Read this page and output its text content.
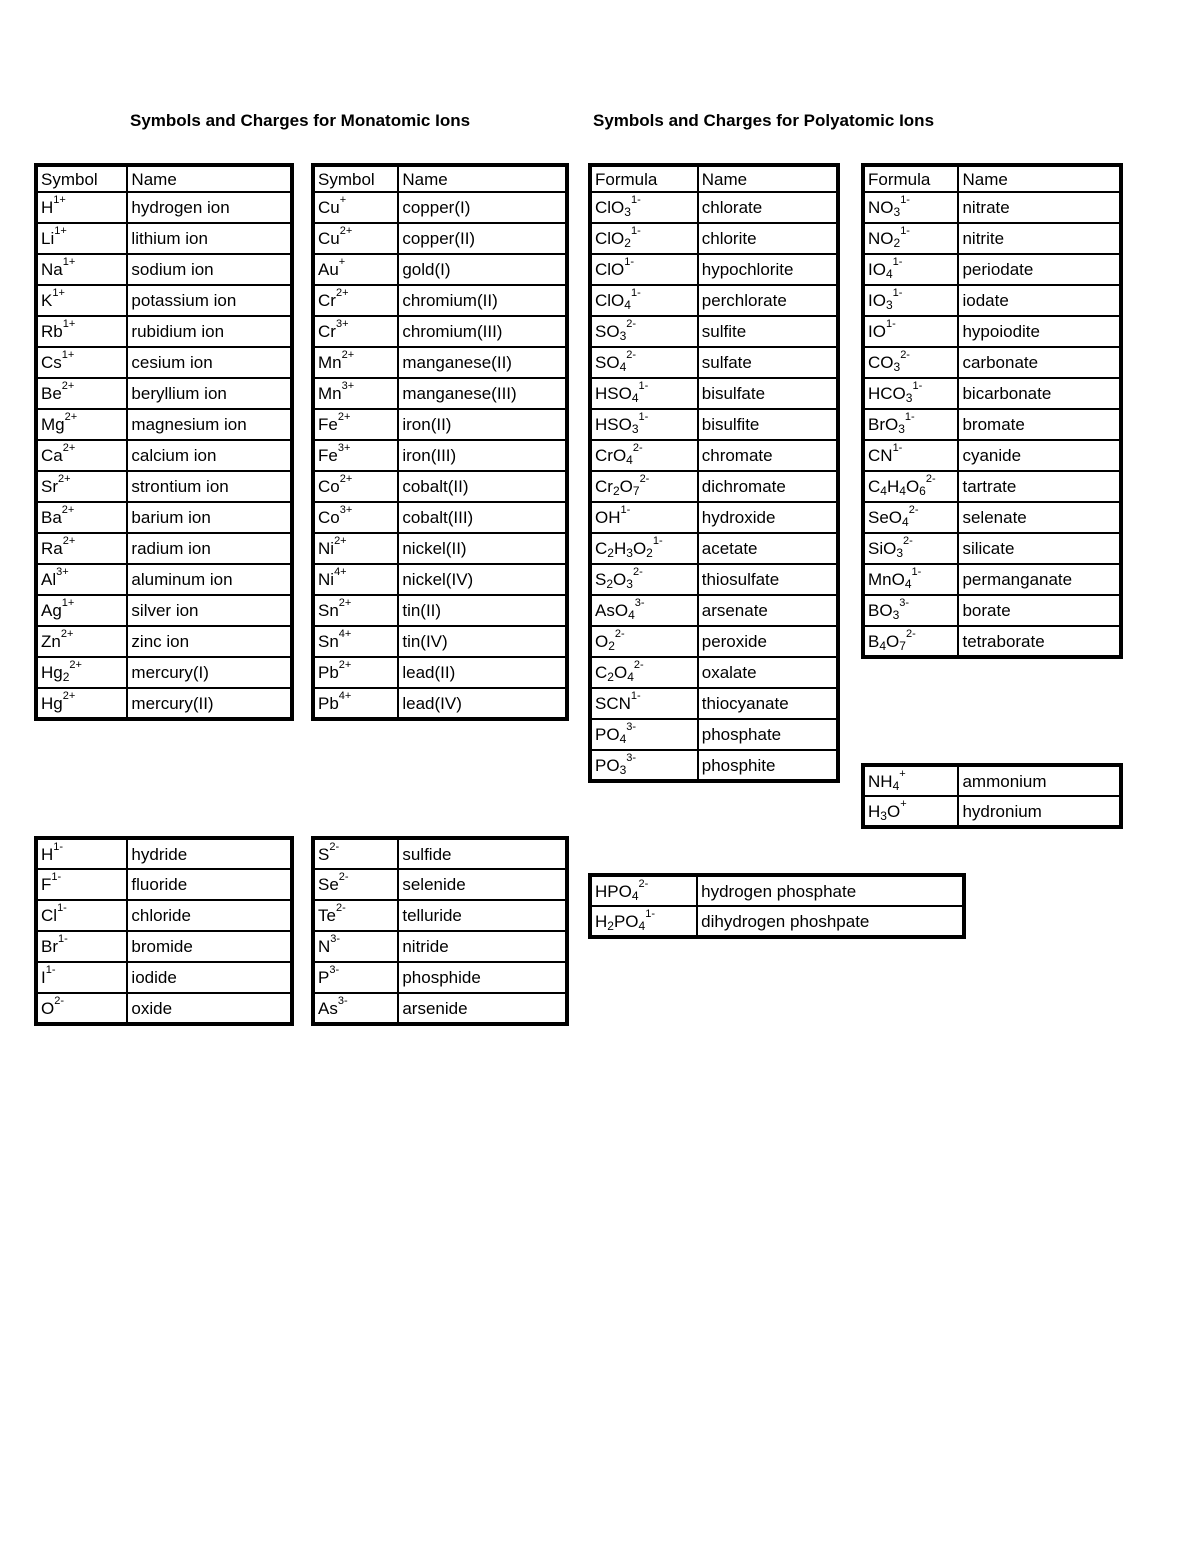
Symbols and Charges for Monatomic Ions	Symbols and Charges for Polyatomic Ions
Symbol	Name
$H^{1+}$	hydrogen ion
$Li^{1+}$	lithium ion
$Na^{1+}$	sodium ion
$K^{1+}$	potassium ion
$Rb^{1+}$	rubidium ion
$Cs^{1+}$	cesium ion
$Be^{2+}$	beryllium ion
$Mg^{2+}$	magnesium ion
$Ca^{2+}$	calcium ion
$Sr^{2+}$	strontium ion
$Ba^{2+}$	barium ion
$Ra^{2+}$	radium ion
$Al^{3+}$	aluminum ion
$Ag^{1+}$	silver ion
$Zn^{2+}$	zinc ion
$Hg_2^{2+}$	mercury(I)
$Hg^{2+}$	mercury(II)
Symbol	Name
Cu+	copper(I)
$Cu^{2+}$	copper(II)
Au+	gold(I)
$Cr^{2+}$	chromium(II)
$Cr^{3+}$	chromium(III)
$Mn^{2+}$	manganese(II)
$Mn^{3+}$	manganese(III)
$Fe^{2+}$	iron(II)
$Fe^{3+}$	iron(III)
$Co^{2+}$	cobalt(II)
$Co^{3+}$	cobalt(III)
$Ni^{2+}$	nickel(II)
$Ni^{4+}$	nickel(IV)
$Sn^{2+}$	tin(II)
$Sn^{4+}$	tin(IV)
$Pb^{2+}$	lead(II)
$Pb^{4+}$	lead(IV)
$H^{1-}$	hydride
$F^{1-}$	fluoride
$Cl^{1-}$	chloride
$Br^{1-}$	bromide
$I^{1-}$	iodide
$O^{2-}$	oxide
$S^{2-}$	sulfide
$Se^{2-}$	selenide
$Te^{2-}$	telluride
$N^{3-}$	nitride
$P^{3-}$	phosphide
$As^{3-}$	arsenide
Formula	Name
ClO$_3^{1-}$	chlorate
ClO$_2^{1-}$	chlorite
ClO$^{1-}$	hypochlorite
ClO$_4^{1-}$	perchlorate
$SO_3^{2-}$	sulfite
$SO_4^{2-}$	sulfate
$HSO_4^{1-}$	bisulfate
$HSO_3^{1-}$	bisulfite
CrO$_4^{2-}$	chromate
$Cr_2O_7^{2-}$	dichromate
$OH^{1-}$	hydroxide
$C_2H_3O_2^{1-}$	acetate
$S_2O_3^{2-}$	thiosulfate
AsO$_4^{3-}$	arsenate
$O_2^{2-}$	peroxide
$C_2O_4^{2-}$	oxalate
$SCN^{1-}$	thiocyanate
$PO_4^{3-}$	phosphate
$PO_3^{3-}$	phosphite
$HPO_4^{2-}$	hydrogen phosphate
$H_2PO_4^{1-}$	dihydrogen phoshpate
Formula	Name
$NO_3^{1-}$	nitrate
$NO_2^{1-}$	nitrite
$IO_4^{1-}$	periodate
$IO_3^{1-}$	iodate
$IO^{1-}$	hypoiodite
$CO_3^{2-}$	carbonate
$HCO_3^{1-}$	bicarbonate
BrO$_3^{1-}$	bromate
$CN^{1-}$	cyanide
$C_4H_4O_6^{2-}$	tartrate
SeO$_4^{2-}$	selenate
SiO$_3^{2-}$	silicate
MnO$_4^{1-}$	permanganate
$BO_3^{3-}$	borate
$B_4O_7^{2-}$	tetraborate
$NH_4^+$	ammonium
$H_3O^+$	hydronium
